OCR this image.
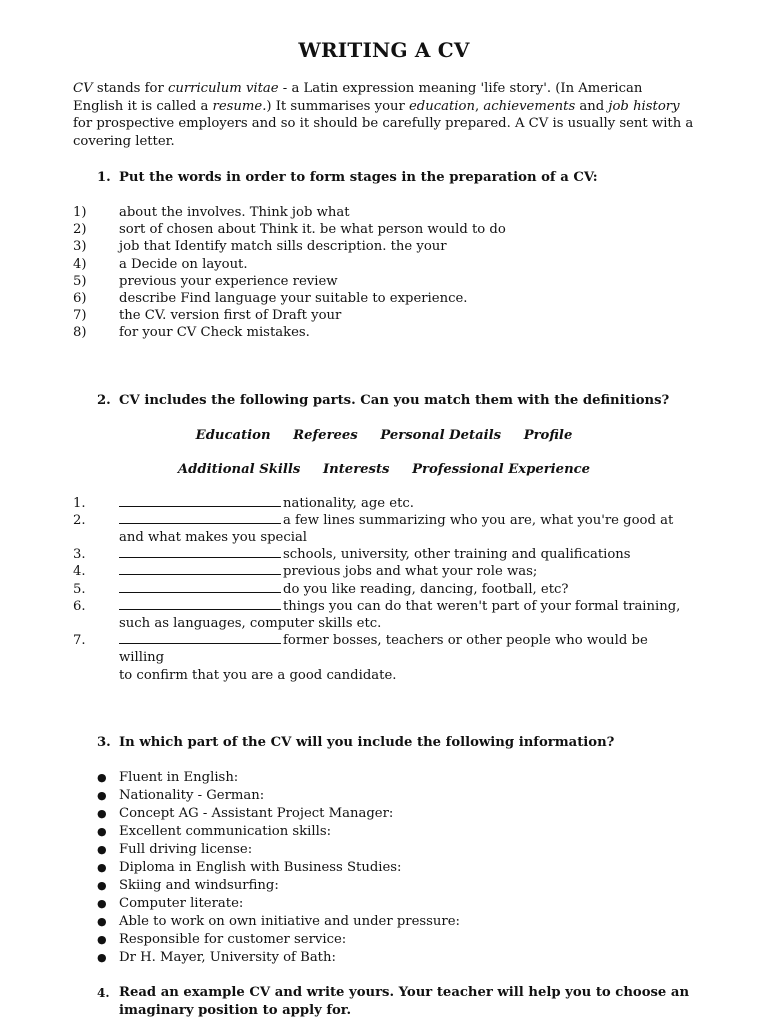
WRITING A CV

CV stands for curriculum vitae - a Latin expression meaning 'life story'. (In American English it is called a resume.) It summarises your education, achievements and job history for prospective employers and so it should be carefully prepared. A CV is usually sent with a covering letter.

1. Put the words in order to form stages in the preparation of a CV:
1)	about the involves. Think job what
2)	sort of chosen about Think it. be what person would to do
3)	job that Identify match sills description. the your
4)	a Decide on layout.
5)	previous your experience review
6)	describe Find language your suitable to experience.
7)	the CV. version first of Draft your
8)	for your CV Check mistakes.
2. CV includes the following parts. Can you match them with the definitions?
Education Referees Personal Details Profile
Additional Skills Interests Professional Experience
1.	nationality, age etc.
2.	a few lines summarizing who you are, what you're good at
and what makes you special
3.	schools, university, other training and qualifications
4.	previous jobs and what your role was;
5.	do you like reading, dancing, football, etc?
6.	things you can do that weren't part of your formal training,
such as languages, computer skills etc.
7.	former bosses, teachers or other people who would be willing
to confirm that you are a good candidate.
3. In which part of the CV will you include the following information?
● Fluent in English:
● Nationality - German:
● Concept AG - Assistant Project Manager:
● Excellent communication skills:
● Full driving license:
● Diploma in English with Business Studies:
● Skiing and windsurfing:
● Computer literate:
● Able to work on own initiative and under pressure:
● Responsible for customer service:
● Dr H. Mayer, University of Bath:
4. Read an example CV and write yours. Your teacher will help you to choose an imaginary position to apply for.
